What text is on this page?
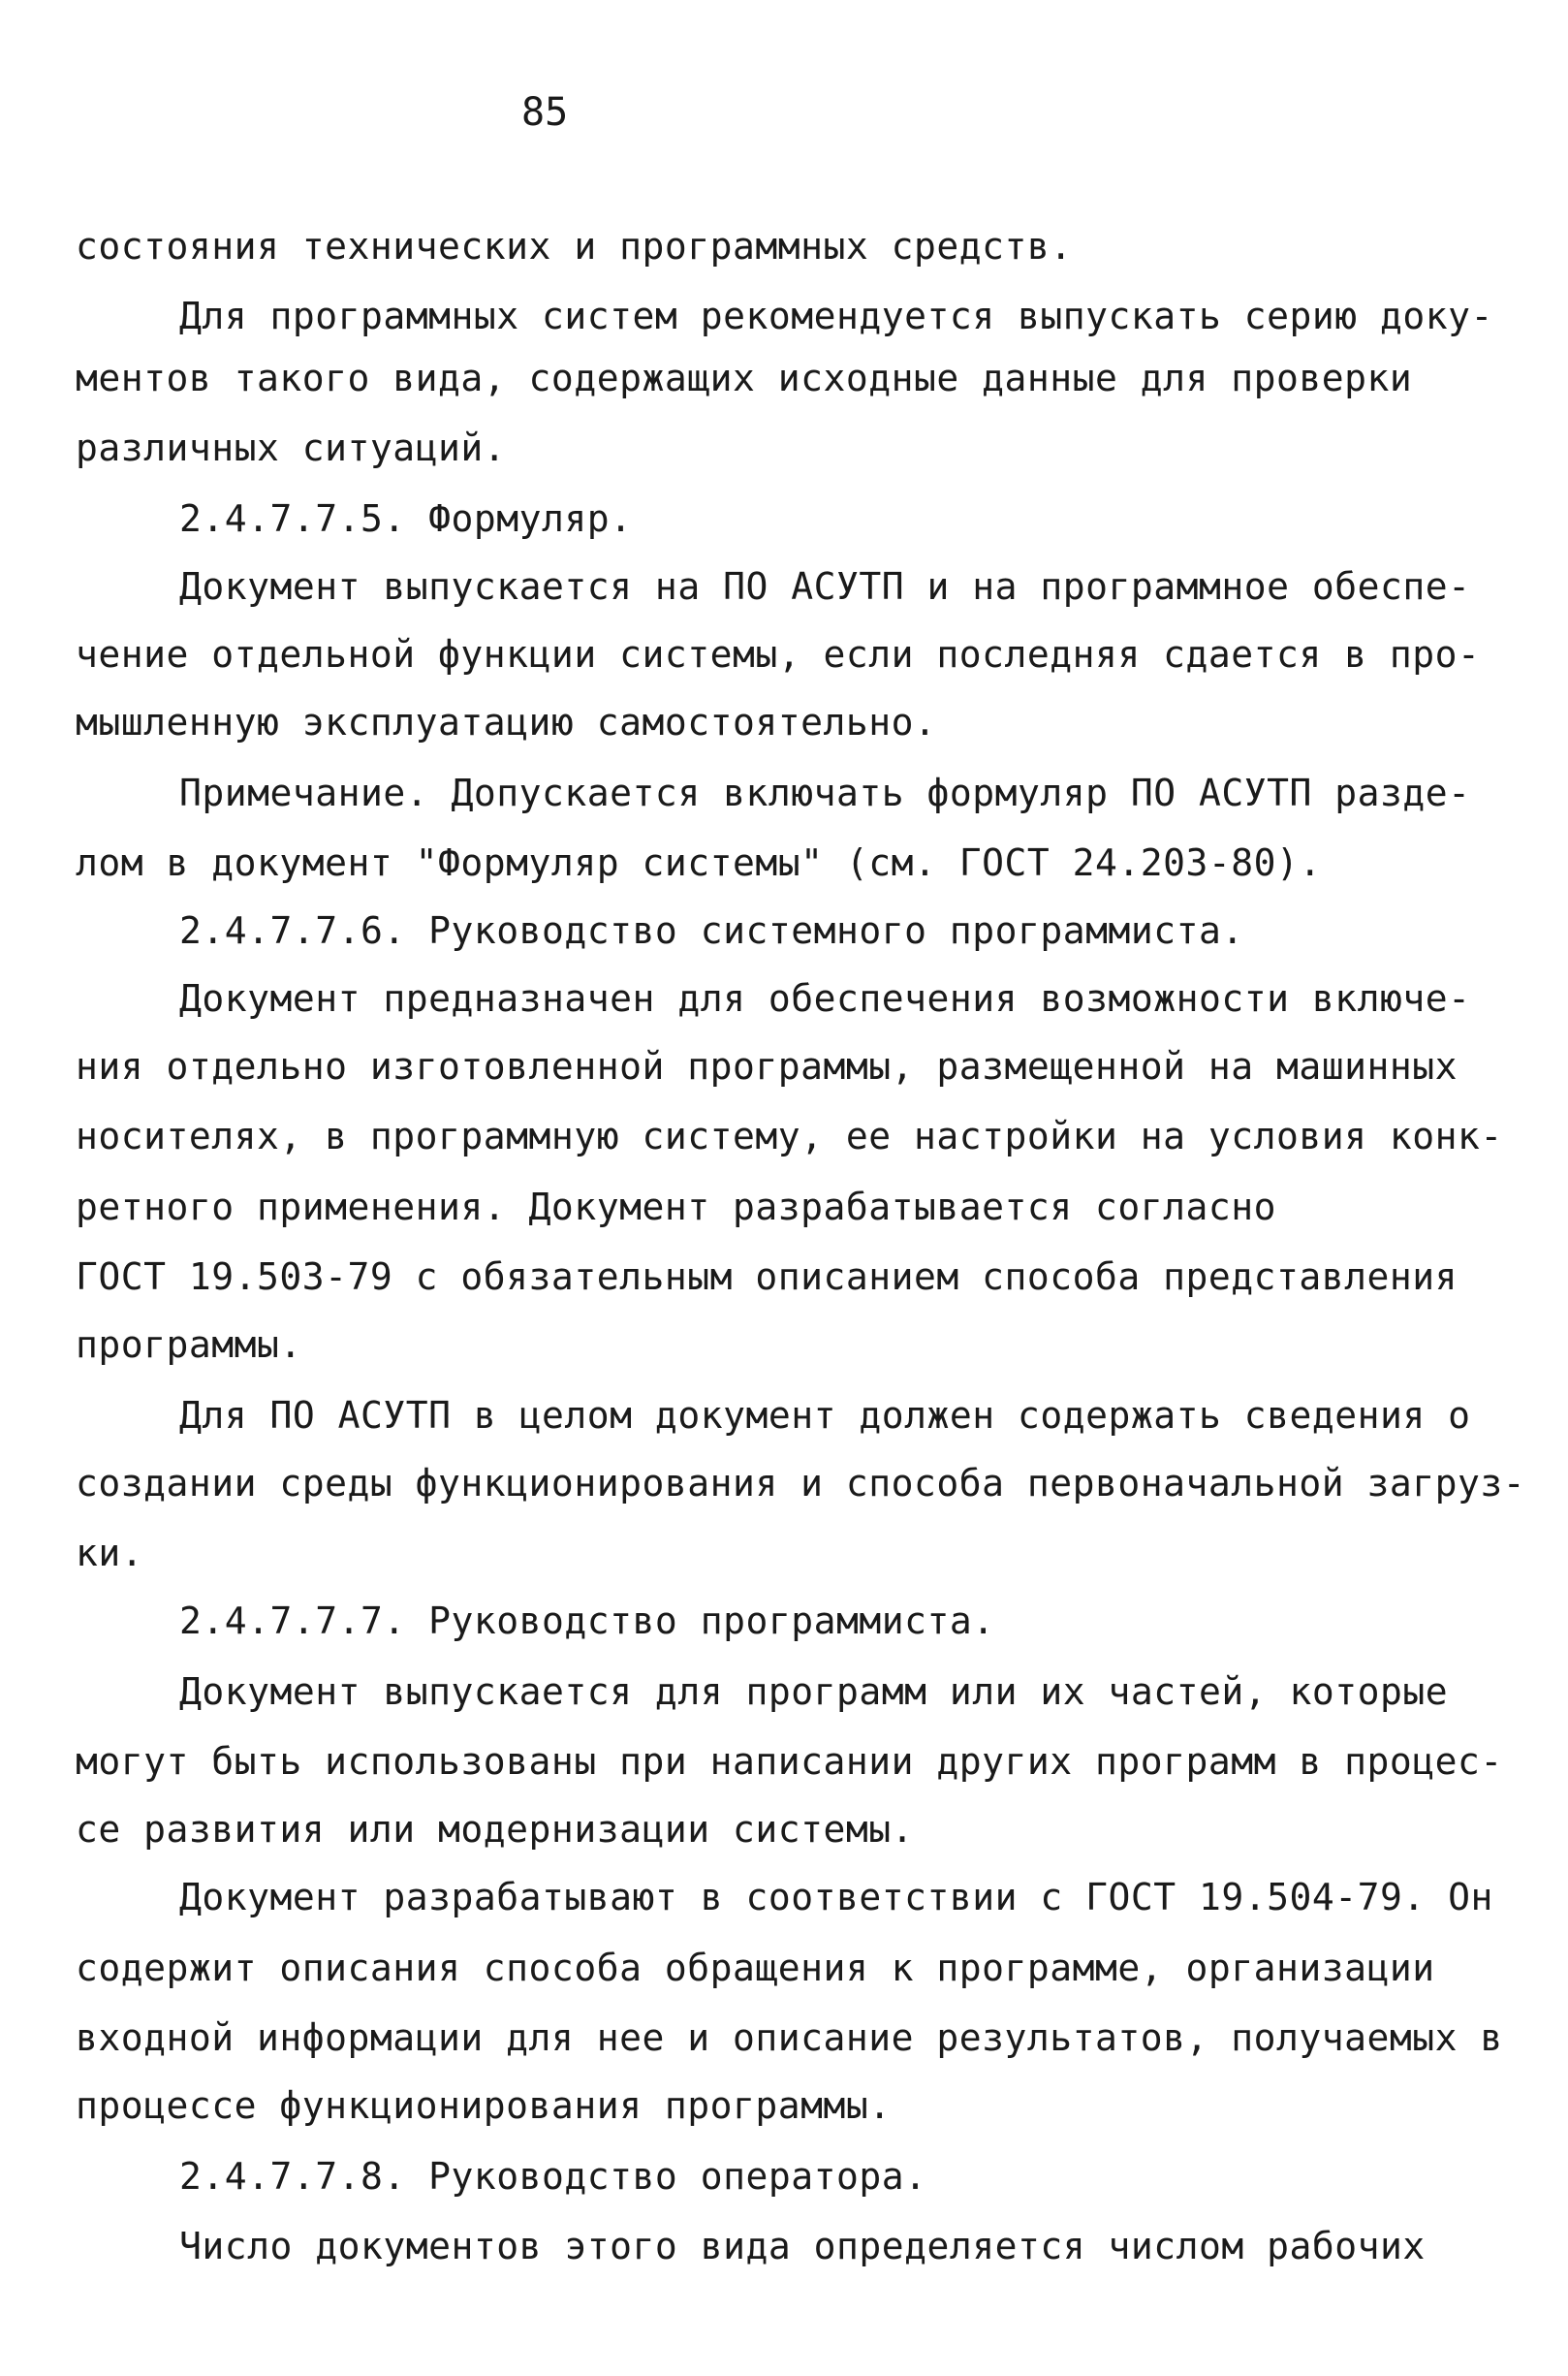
85
состояния технических и программных средств.
Для программных систем рекомендуется выпускать серию доку-
ментов такого вида, содержащих исходные данные для проверки
различных ситуаций.
2.4.7.7.5. Формуляр.
Документ выпускается на ПО АСУТП и на программное обеспе-
чение отдельной функции системы, если последняя сдается в про-
мышленную эксплуатацию самостоятельно.
Примечание. Допускается включать формуляр ПО АСУТП разде-
лом в документ "Формуляр системы" (см. ГОСТ 24.203-80).
2.4.7.7.6. Руководство системного программиста.
Документ предназначен для обеспечения возможности включе-
ния отдельно изготовленной программы, размещенной на машинных
носителях, в программную систему, ее настройки на условия конк-
ретного применения. Документ разрабатывается согласно
ГОСТ 19.503-79 с обязательным описанием способа представления
программы.
Для ПО АСУТП в целом документ должен содержать сведения о
создании среды функционирования и способа первоначальной загруз-
ки.
2.4.7.7.7. Руководство программиста.
Документ выпускается для программ или их частей, которые
могут быть использованы при написании других программ в процес-
се развития или модернизации системы.
Документ разрабатывают в соответствии с ГОСТ 19.504-79. Он
содержит описания способа обращения к программе, организации
входной информации для нее и описание результатов, получаемых в
процессе функционирования программы.
2.4.7.7.8. Руководство оператора.
Число документов этого вида определяется числом рабочих
